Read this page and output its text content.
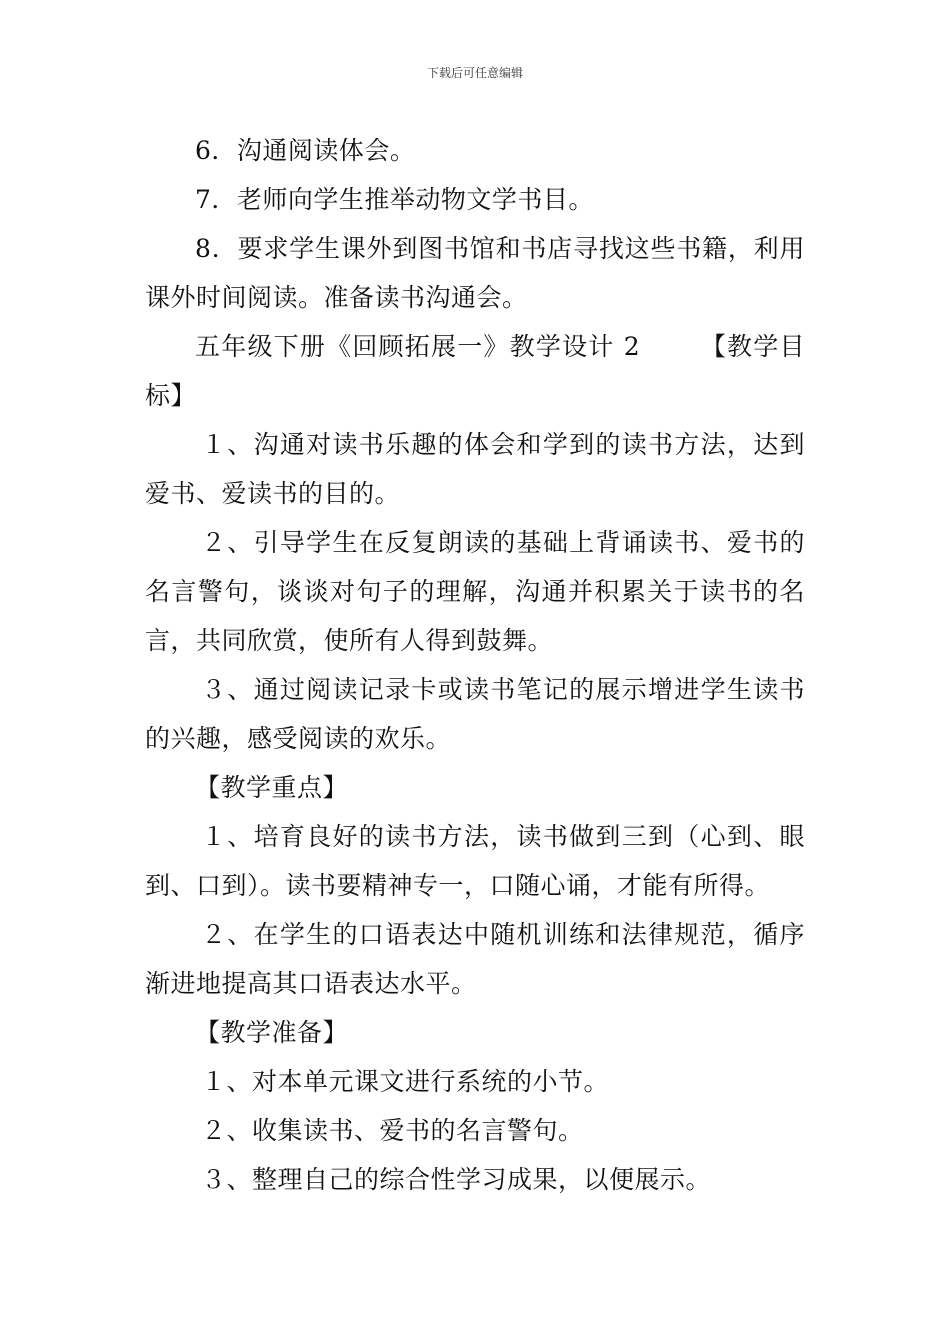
下载后可任意编辑

6．沟通阅读体会。

7．老师向学生推举动物文学书目。

8．要求学生课外到图书馆和书店寻找这些书籍，利用课外时间阅读。准备读书沟通会。

五年级下册《回顾拓展一》教学设计 2 【教学目标】

１、沟通对读书乐趣的体会和学到的读书方法，达到爱书、爱读书的目的。

２、引导学生在反复朗读的基础上背诵读书、爱书的名言警句，谈谈对句子的理解，沟通并积累关于读书的名言，共同欣赏，使所有人得到鼓舞。

３、通过阅读记录卡或读书笔记的展示增进学生读书的兴趣，感受阅读的欢乐。

【教学重点】

１、培育良好的读书方法，读书做到三到（心到、眼到、口到）。读书要精神专一，口随心诵，才能有所得。

２、在学生的口语表达中随机训练和法律规范，循序渐进地提高其口语表达水平。

【教学准备】

１、对本单元课文进行系统的小节。

２、收集读书、爱书的名言警句。

３、整理自己的综合性学习成果，以便展示。
